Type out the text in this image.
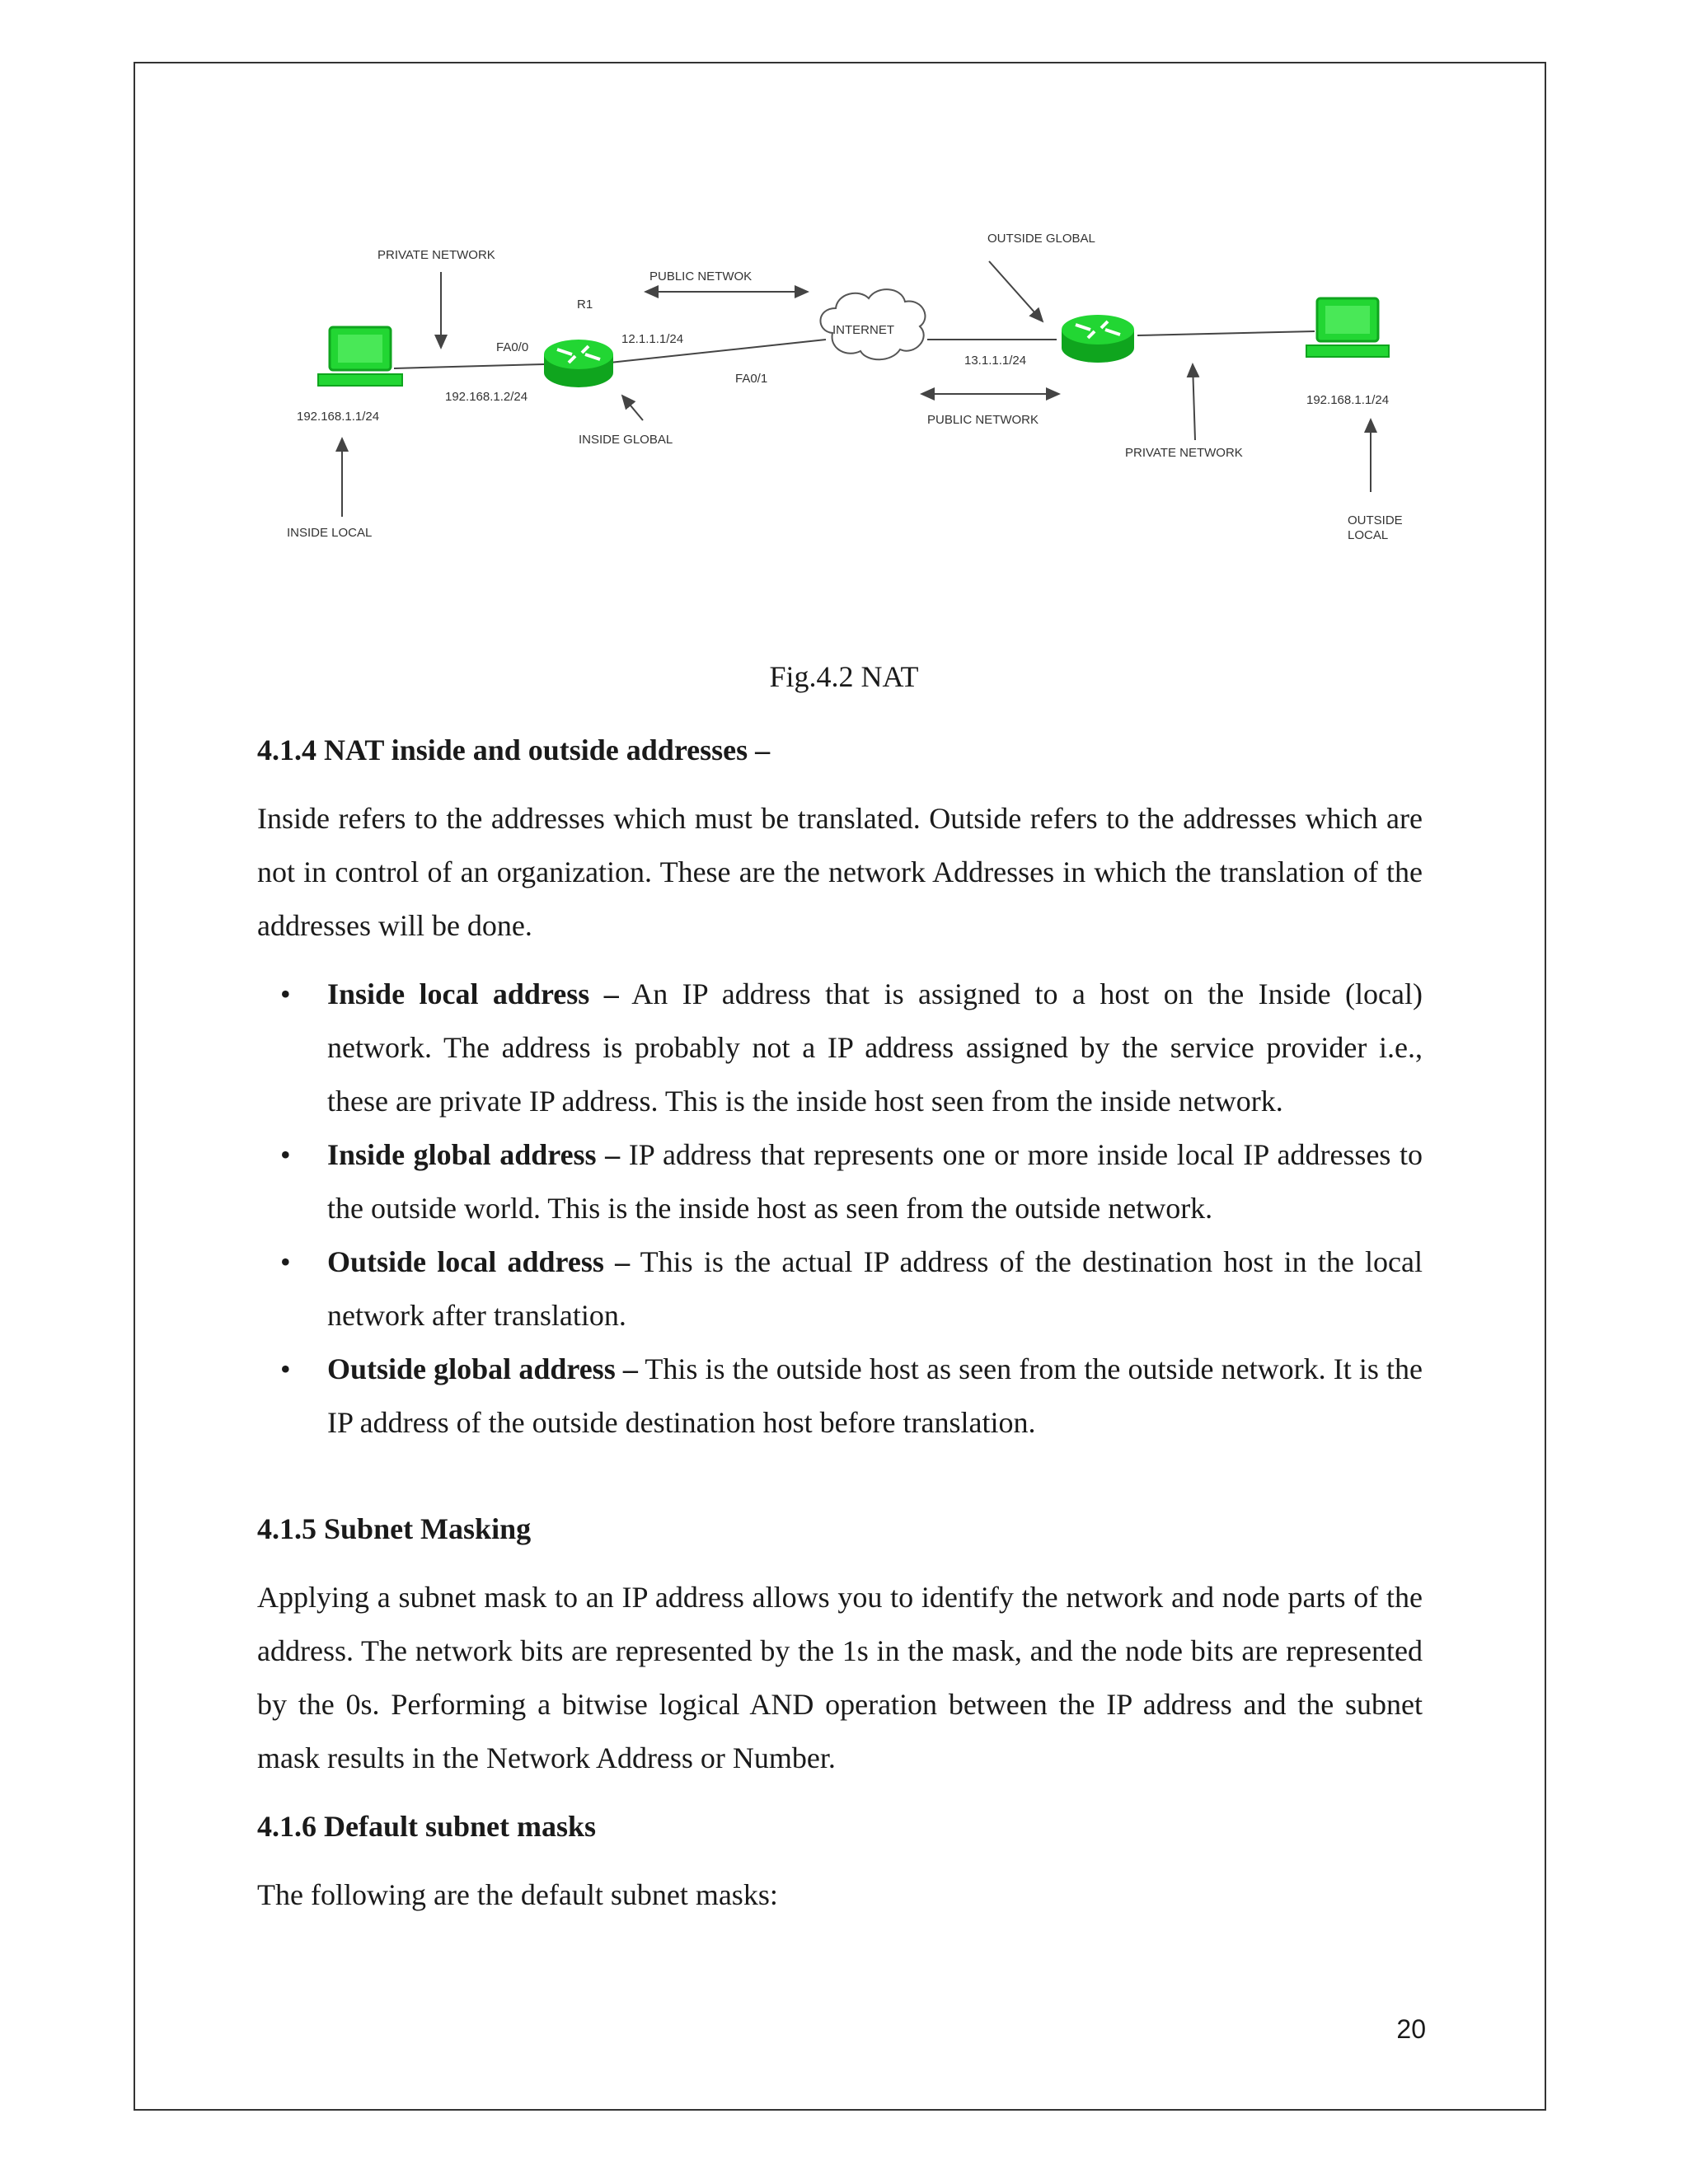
PRIVATE NETWORK
PUBLIC NETWOK
R1
FA0/0
12.1.1.1/24
INTERNET
OUTSIDE GLOBAL
13.1.1.1/24
FA0/1
192.168.1.2/24
192.168.1.1/24
INSIDE GLOBAL
PUBLIC NETWORK
PRIVATE NETWORK
192.168.1.1/24
INSIDE LOCAL
OUTSIDE
LOCAL
Fig.4.2 NAT
4.1.4 NAT inside and outside addresses –
Inside refers to the addresses which must be translated. Outside refers to the addresses which are not in control of an organization. These are the network Addresses in which the translation of the addresses will be done.
• Inside local address – An IP address that is assigned to a host on the Inside (local) network. The address is probably not a IP address assigned by the service provider i.e., these are private IP address. This is the inside host seen from the inside network.
• Inside global address – IP address that represents one or more inside local IP addresses to the outside world. This is the inside host as seen from the outside network.
• Outside local address – This is the actual IP address of the destination host in the local network after translation.
• Outside global address – This is the outside host as seen from the outside network. It is the IP address of the outside destination host before translation.
4.1.5 Subnet Masking
Applying a subnet mask to an IP address allows you to identify the network and node parts of the address. The network bits are represented by the 1s in the mask, and the node bits are represented by the 0s. Performing a bitwise logical AND operation between the IP address and the subnet mask results in the Network Address or Number.
4.1.6 Default subnet masks
The following are the default subnet masks:
20
